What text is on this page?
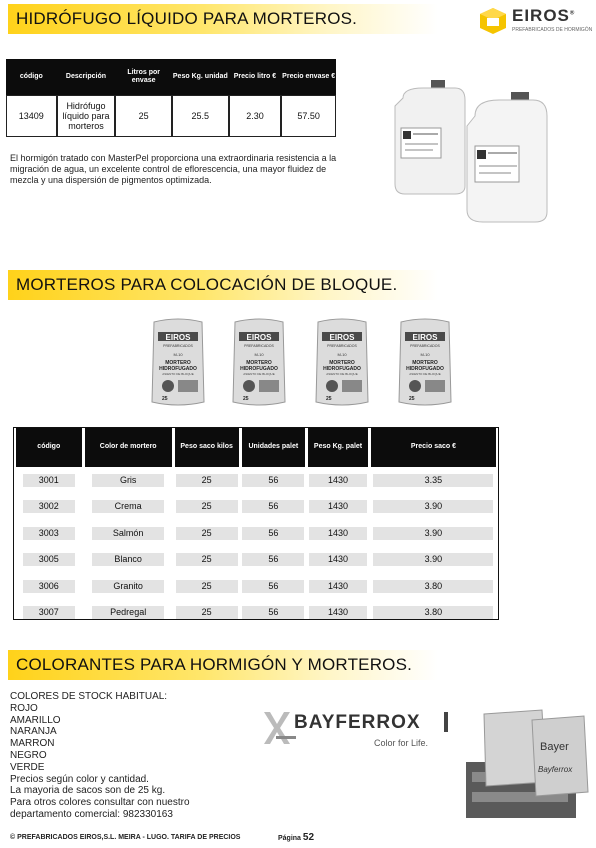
EIROS®
PREFABRICADOS DE HORMIGÓN
HIDRÓFUGO LÍQUIDO PARA MORTEROS.
código	Descripción	Litros por envase	Peso Kg. unidad	Precio litro €	Precio envase €
13409	Hidrófugo líquido para morteros	25	25.5	2.30	57.50
El hormigón tratado con MasterPel proporciona una extraordinaria resistencia a la migración de agua, un excelente control de eflorescencia, una mayor fluidez de mezcla y una dispersión de pigmentos optimizada.
MORTEROS PARA COLOCACIÓN DE BLOQUE.
EIROS
PREFABRICADOS
M-10
MORTERO
HIDROFUGADO
ASIENTO DE BLOQUE
25
EIROS
PREFABRICADOS
M-10
MORTERO
HIDROFUGADO
ASIENTO DE BLOQUE
25
EIROS
PREFABRICADOS
M-10
MORTERO
HIDROFUGADO
ASIENTO DE BLOQUE
25
EIROS
PREFABRICADOS
M-10
MORTERO
HIDROFUGADO
ASIENTO DE BLOQUE
25
código	Color de mortero	Peso saco kilos	Unidades palet	Peso Kg. palet	Precio saco €

3001	Gris	25	56	1430	3.35

3002	Crema	25	56	1430	3.90

3003	Salmón	25	56	1430	3.90

3005	Blanco	25	56	1430	3.90

3006	Granito	25	56	1430	3.80

3007	Pedregal	25	56	1430	3.80
COLORANTES PARA HORMIGÓN Y MORTEROS.
COLORES DE STOCK HABITUAL:
ROJO
AMARILLO
NARANJA
MARRON
NEGRO
VERDE
Precios según color y cantidad.
La mayoria de sacos son de 25 kg.
Para otros colores consultar con nuestro
departamento comercial: 982330163
BAYFERROX
Color for Life.	Bayer
Bayferrox
© PREFABRICADOS EIROS,S.L. MEIRA - LUGO. TARIFA DE PRECIOS	Página 52
